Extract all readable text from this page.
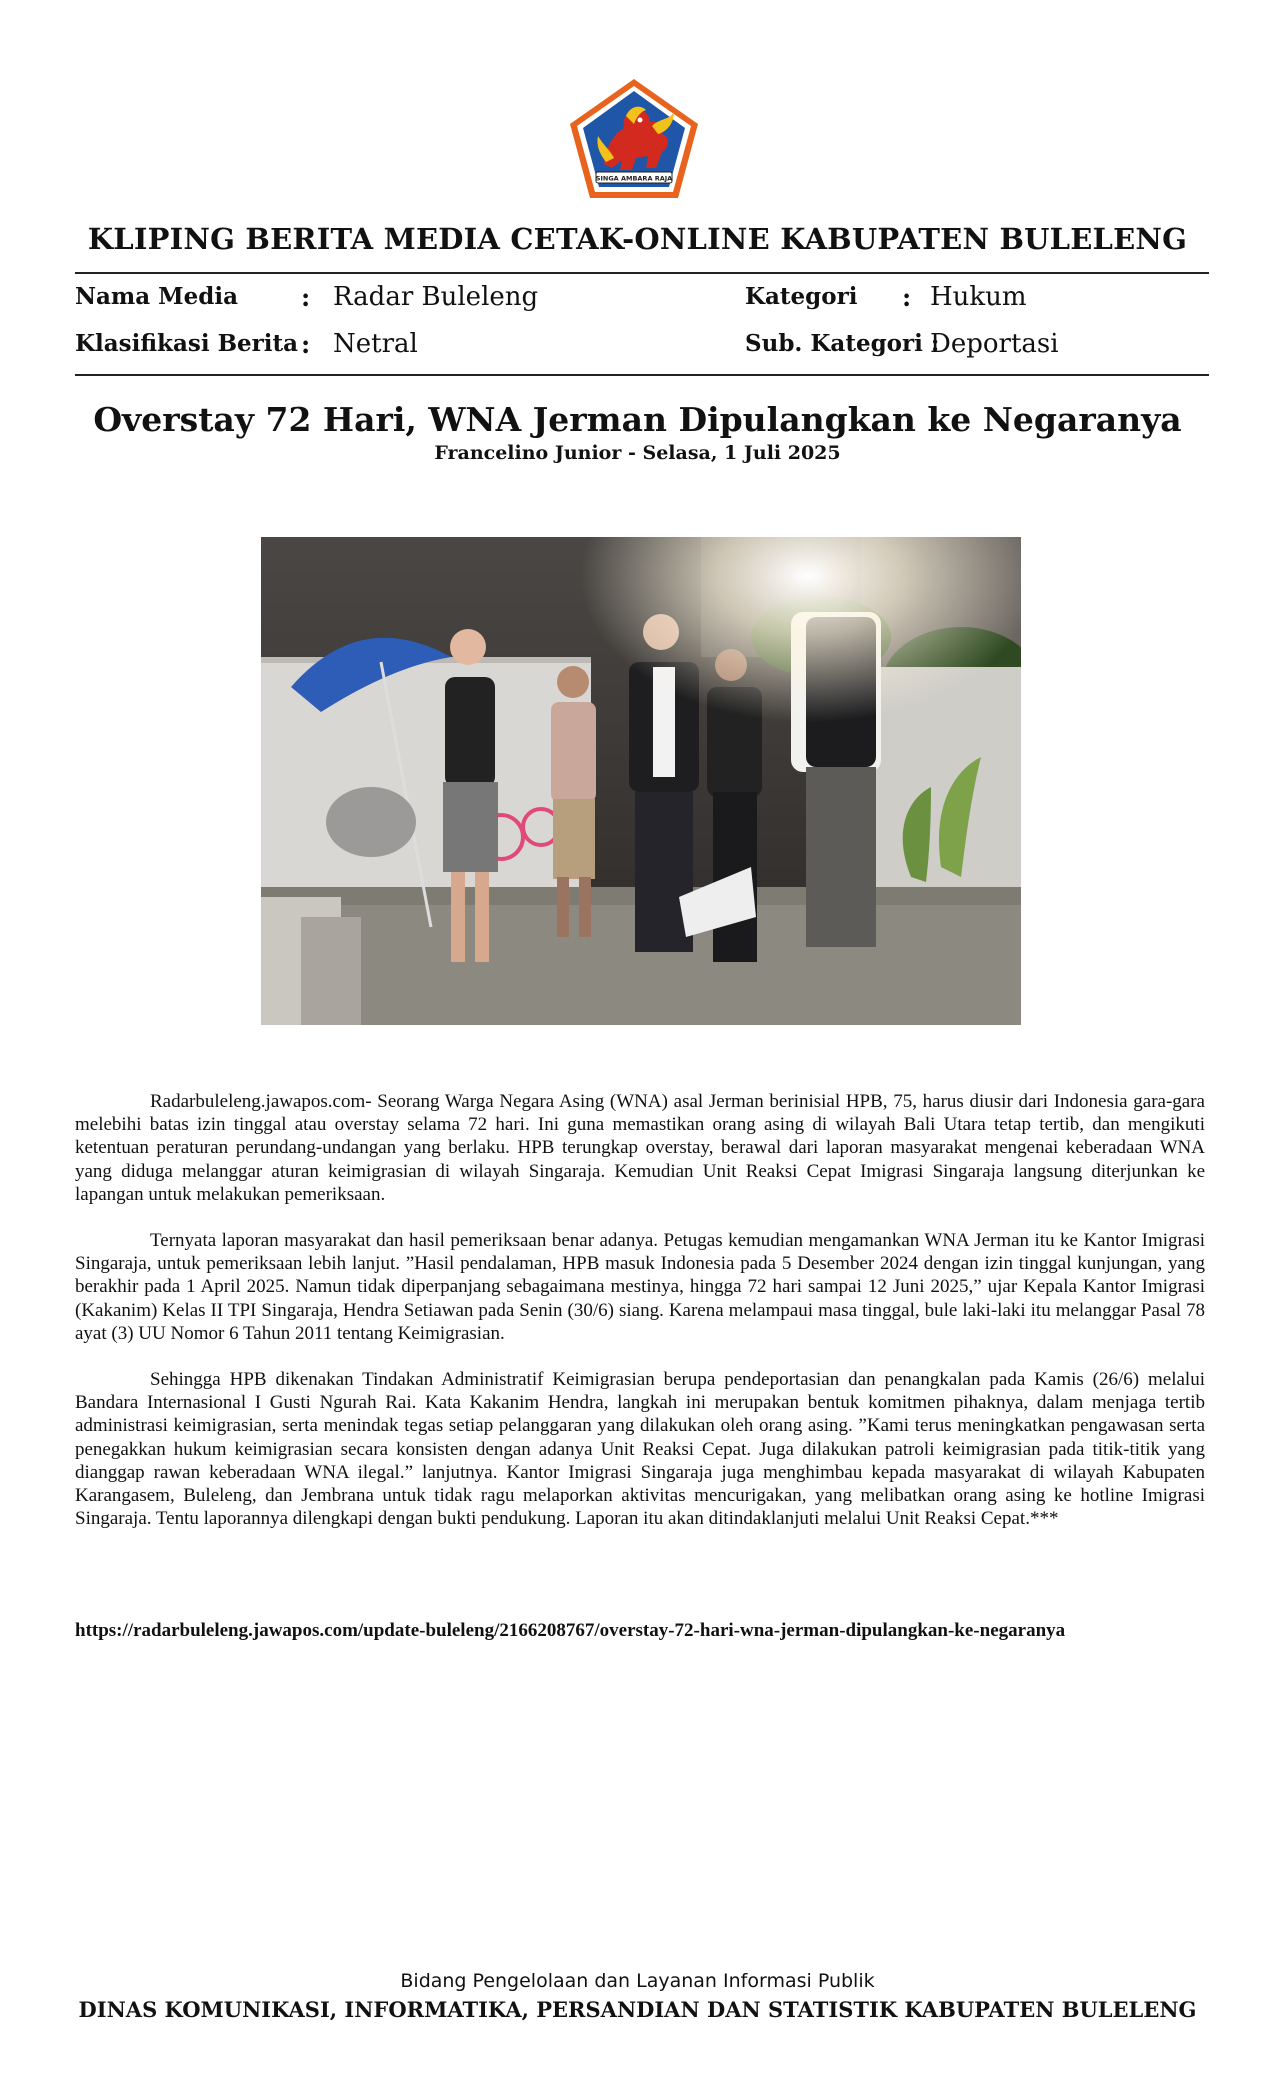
SINGA AMBARA RAJA
KLIPING BERITA MEDIA CETAK-ONLINE KABUPATEN BULELENG
Nama Media	: Radar Buleleng
Klasifikasi Berita : Netral
Kategori : Hukum
Sub. Kategori :
Deportasi
Overstay 72 Hari, WNA Jerman Dipulangkan ke Negaranya
Francelino Junior - Selasa, 1 Juli 2025

Radarbuleleng.jawapos.com- Seorang Warga Negara Asing (WNA) asal Jerman berinisial HPB, 75, harus diusir dari Indonesia gara-gara melebihi batas izin tinggal atau overstay selama 72 hari. Ini guna memastikan orang asing di wilayah Bali Utara tetap tertib, dan mengikuti ketentuan peraturan perundang-undangan yang berlaku. HPB terungkap overstay, berawal dari laporan masyarakat mengenai keberadaan WNA yang diduga melanggar aturan keimigrasian di wilayah Singaraja. Kemudian Unit Reaksi Cepat Imigrasi Singaraja langsung diterjunkan ke lapangan untuk melakukan pemeriksaan.

Ternyata laporan masyarakat dan hasil pemeriksaan benar adanya. Petugas kemudian mengamankan WNA Jerman itu ke Kantor Imigrasi Singaraja, untuk pemeriksaan lebih lanjut. ”Hasil pendalaman, HPB masuk Indonesia pada 5 Desember 2024 dengan izin tinggal kunjungan, yang berakhir pada 1 April 2025. Namun tidak diperpanjang sebagaimana mestinya, hingga 72 hari sampai 12 Juni 2025,” ujar Kepala Kantor Imigrasi (Kakanim) Kelas II TPI Singaraja, Hendra Setiawan pada Senin (30/6) siang. Karena melampaui masa tinggal, bule laki-laki itu melanggar Pasal 78 ayat (3) UU Nomor 6 Tahun 2011 tentang Keimigrasian.

Sehingga HPB dikenakan Tindakan Administratif Keimigrasian berupa pendeportasian dan penangkalan pada Kamis (26/6) melalui Bandara Internasional I Gusti Ngurah Rai. Kata Kakanim Hendra, langkah ini merupakan bentuk komitmen pihaknya, dalam menjaga tertib administrasi keimigrasian, serta menindak tegas setiap pelanggaran yang dilakukan oleh orang asing. ”Kami terus meningkatkan pengawasan serta penegakkan hukum keimigrasian secara konsisten dengan adanya Unit Reaksi Cepat. Juga dilakukan patroli keimigrasian pada titik-titik yang dianggap rawan keberadaan WNA ilegal.” lanjutnya. Kantor Imigrasi Singaraja juga menghimbau kepada masyarakat di wilayah Kabupaten Karangasem, Buleleng, dan Jembrana untuk tidak ragu melaporkan aktivitas mencurigakan, yang melibatkan orang asing ke hotline Imigrasi Singaraja. Tentu laporannya dilengkapi dengan bukti pendukung. Laporan itu akan ditindaklanjuti melalui Unit Reaksi Cepat.***

https://radarbuleleng.jawapos.com/update-buleleng/2166208767/overstay-72-hari-wna-jerman-dipulangkan-ke-negaranya
Bidang Pengelolaan dan Layanan Informasi Publik
DINAS KOMUNIKASI, INFORMATIKA, PERSANDIAN DAN STATISTIK KABUPATEN BULELENG
